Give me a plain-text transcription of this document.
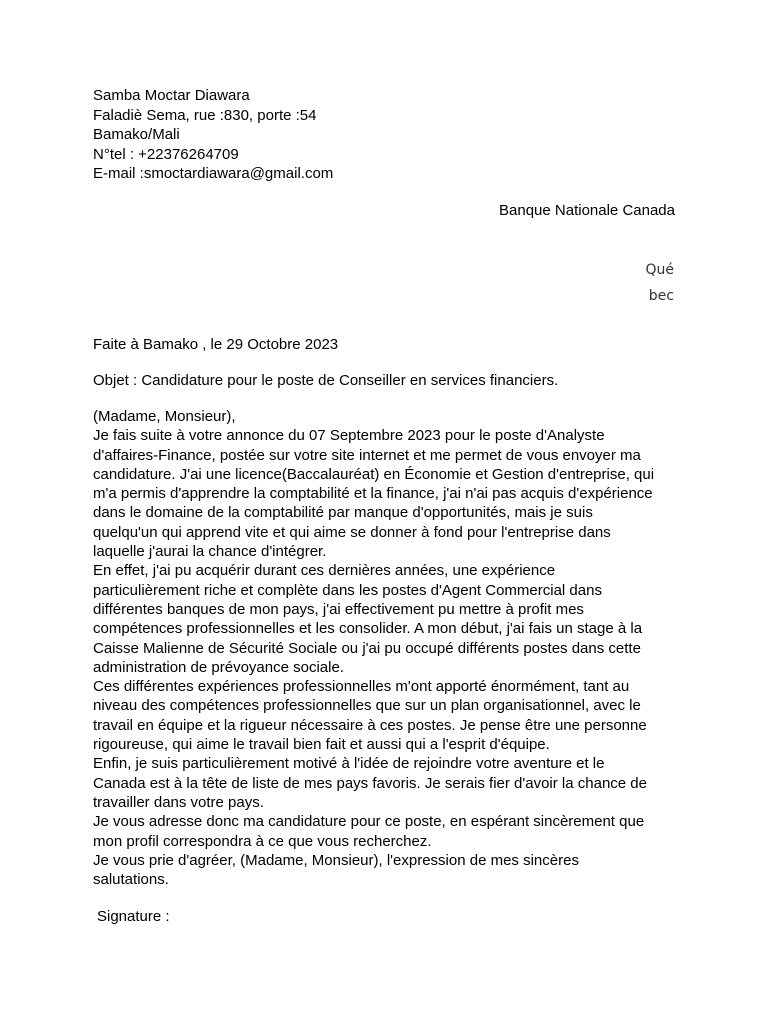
Samba Moctar Diawara
Faladiè Sema, rue :830, porte :54
Bamako/Mali
N°tel : +22376264709
E-mail :smoctardiawara@gmail.com
Banque Nationale Canada
Qué
bec
Faite à Bamako , le 29 Octobre 2023
Objet : Candidature pour le poste de Conseiller en services financiers.
(Madame, Monsieur),
Je fais suite à votre annonce du 07 Septembre 2023 pour le poste d'Analyste
d'affaires-Finance, postée sur votre site internet et me permet de vous envoyer ma
candidature. J'ai une licence(Baccalauréat) en Économie et Gestion d'entreprise, qui
m'a permis d'apprendre la comptabilité et la finance, j'ai n'ai pas acquis d'expérience
dans le domaine de la comptabilité par manque d'opportunités, mais je suis
quelqu'un qui apprend vite et qui aime se donner à fond pour l'entreprise dans
laquelle j'aurai la chance d'intégrer.
En effet, j'ai pu acquérir durant ces dernières années, une expérience
particulièrement riche et complète dans les postes d'Agent Commercial dans
différentes banques de mon pays, j'ai effectivement pu mettre à profit mes
compétences professionnelles et les consolider. A mon début, j'ai fais un stage à la
Caisse Malienne de Sécurité Sociale ou j'ai pu occupé différents postes dans cette
administration de prévoyance sociale.
Ces différentes expériences professionnelles m'ont apporté énormément, tant au
niveau des compétences professionnelles que sur un plan organisationnel, avec le
travail en équipe et la rigueur nécessaire à ces postes. Je pense être une personne
rigoureuse, qui aime le travail bien fait et aussi qui a l'esprit d'équipe.
Enfin, je suis particulièrement motivé à l'idée de rejoindre votre aventure et le
Canada est à la tête de liste de mes pays favoris. Je serais fier d'avoir la chance de
travailler dans votre pays.
Je vous adresse donc ma candidature pour ce poste, en espérant sincèrement que
mon profil correspondra à ce que vous recherchez.
Je vous prie d'agréer, (Madame, Monsieur), l'expression de mes sincères
salutations.
Signature :
